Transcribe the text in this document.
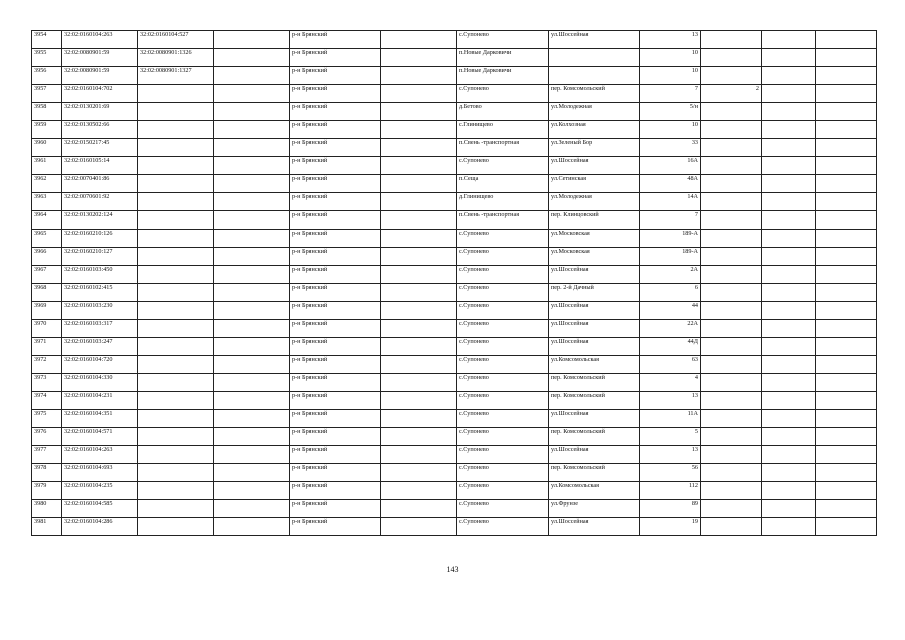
3954	32:02:0160104:263	32:02:0160104:527		р-н Брянский		с.Супонево	ул.Шоссейная	13			
3955	32:02:0080901:59	32:02:0080901:1326		р-н Брянский		п.Новые Дарковичи		10			
3956	32:02:0080901:59	32:02:0080901:1327		р-н Брянский		п.Новые Дарковичи		10			
3957	32:02:0160104:702			р-н Брянский		с.Супонево	пер. Комсомольский	7	2		
3958	32:02:0130201:69			р-н Брянский		д.Бетово	ул.Молодежная	5/н			
3959	32:02:0130502:66			р-н Брянский		с.Глинищево	ул.Колхозная	10			
3960	32:02:0150217:45			р-н Брянский		п.Свень -транспортная	ул.Зеленый Бор	33			
3961	32:02:0160105:14			р-н Брянский		с.Супонево	ул.Шоссейная	16А			
3962	32:02:0070401:86			р-н Брянский		п.Сеща	ул.Сетинская	48А			
3963	32:02:0070601:92			р-н Брянский		д.Глинищево	ул.Молодежная	14А			
3964	32:02:0130202:124			р-н Брянский		п.Свень -транспортная	пер. Клинцовский	7			
3965	32:02:0160210:126			р-н Брянский		с.Супонево	ул.Московская	189-А			
3966	32:02:0160210:127			р-н Брянский		с.Супонево	ул.Московская	189-А			
3967	32:02:0160103:450			р-н Брянский		с.Супонево	ул.Шоссейная	2А			
3968	32:02:0160102:415			р-н Брянский		с.Супонево	пер. 2-й Дачный	6			
3969	32:02:0160103:230			р-н Брянский		с.Супонево	ул.Шоссейная	44			
3970	32:02:0160103:317			р-н Брянский		с.Супонево	ул.Шоссейная	22А			
3971	32:02:0160103:247			р-н Брянский		с.Супонево	ул.Шоссейная	44Д			
3972	32:02:0160104:720			р-н Брянский		с.Супонево	ул.Комсомольская	63			
3973	32:02:0160104:330			р-н Брянский		с.Супонево	пер. Комсомольский	4			
3974	32:02:0160104:231			р-н Брянский		с.Супонево	пер. Комсомольский	13			
3975	32:02:0160104:351			р-н Брянский		с.Супонево	ул.Шоссейная	11А			
3976	32:02:0160104:571			р-н Брянский		с.Супонево	пер. Комсомольский	5			
3977	32:02:0160104:263			р-н Брянский		с.Супонево	ул.Шоссейная	13			
3978	32:02:0160104:693			р-н Брянский		с.Супонево	пер. Комсомольский	56			
3979	32:02:0160104:235			р-н Брянский		с.Супонево	ул.Комсомольская	112			
3980	32:02:0160104:585			р-н Брянский		с.Супонево	ул.Фрунзе	89			
3981	32:02:0160104:286			р-н Брянский		с.Супонево	ул.Шоссейная	19			
143
